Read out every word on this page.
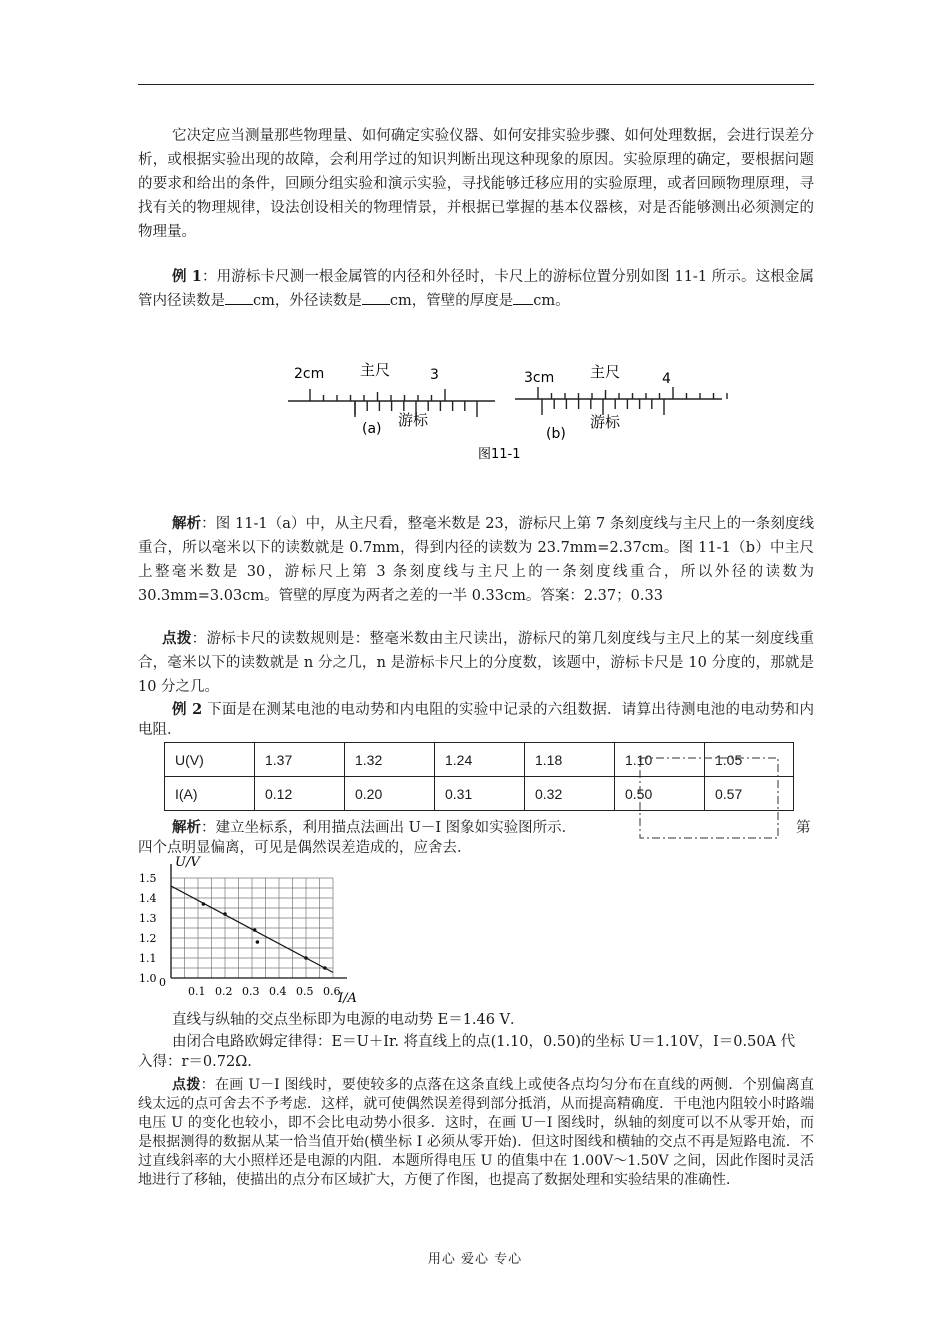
它决定应当测量那些物理量、如何确定实验仪器、如何安排实验步骤、如何处理数据，会进行误差分析，或根据实验出现的故障，会利用学过的知识判断出现这种现象的原因。实验原理的确定，要根据问题的要求和给出的条件，回顾分组实验和演示实验，寻找能够迁移应用的实验原理，或者回顾物理原理，寻找有关的物理规律，设法创设相关的物理情景，并根据已掌握的基本仪器核，对是否能够测出必须测定的物理量。
例 1：用游标卡尺测一根金属管的内径和外径时，卡尺上的游标位置分别如图 11-1 所示。这根金属管内径读数是 cm，外径读数是 cm，管壁的厚度是 cm。
2cm 主尺	3
游标
(a)
3cm 主尺	4
游标
(b)
图11-1
解析：图 11-1（a）中，从主尺看，整毫米数是 23，游标尺上第 7 条刻度线与主尺上的一条刻度线重合，所以毫米以下的读数就是 0.7mm，得到内径的读数为 23.7mm=2.37cm。图 11-1（b）中主尺上整毫米数是 30，游标尺上第 3 条刻度线与主尺上的一条刻度线重合，所以外径的读数为 30.3mm=3.03cm。管壁的厚度为两者之差的一半 0.33cm。答案：2.37；0.33
点拨：游标卡尺的读数规则是：整毫米数由主尺读出，游标尺的第几刻度线与主尺上的某一刻度线重合，毫米以下的读数就是 n 分之几，n 是游标卡尺上的分度数，该题中，游标卡尺是 10 分度的，那就是 10 分之几。
例 2 下面是在测某电池的电动势和内电阻的实验中记录的六组数据．请算出待测电池的电动势和内电阻．
U(V)	1.37	1.32	1.24	1.18	1.10	1.05
I(A)	0.12	0.20	0.31	0.32	0.50	0.57
解析：建立坐标系，利用描点法画出 U－I 图象如实验图所示．	第
四个点明显偏离，可见是偶然误差造成的，应舍去．
1.0
1.1
1.2
1.3
1.4
1.5
0
0.1 0.2 0.3 0.4 0.5 0.6
U/V
I/A
直线与纵轴的交点坐标即为电源的电动势 E＝1.46 V．
由闭合电路欧姆定律得：E＝U＋Ir. 将直线上的点(1.10，0.50)的坐标 U＝1.10V，I＝0.50A 代
入得：r＝0.72Ω.
点拨：在画 U－I 图线时，要使较多的点落在这条直线上或使各点均匀分布在直线的两侧．个别偏离直线太远的点可舍去不予考虑．这样，就可使偶然误差得到部分抵消，从而提高精确度．干电池内阻较小时路端电压 U 的变化也较小，即不会比电动势小很多．这时，在画 U－I 图线时，纵轴的刻度可以不从零开始，而是根据测得的数据从某一恰当值开始(横坐标 I 必须从零开始)．但这时图线和横轴的交点不再是短路电流．不过直线斜率的大小照样还是电源的内阻．本题所得电压 U 的值集中在 1.00V～1.50V 之间，因此作图时灵活地进行了移轴，使描出的点分布区域扩大，方便了作图，也提高了数据处理和实验结果的准确性．
用心 爱心 专心
